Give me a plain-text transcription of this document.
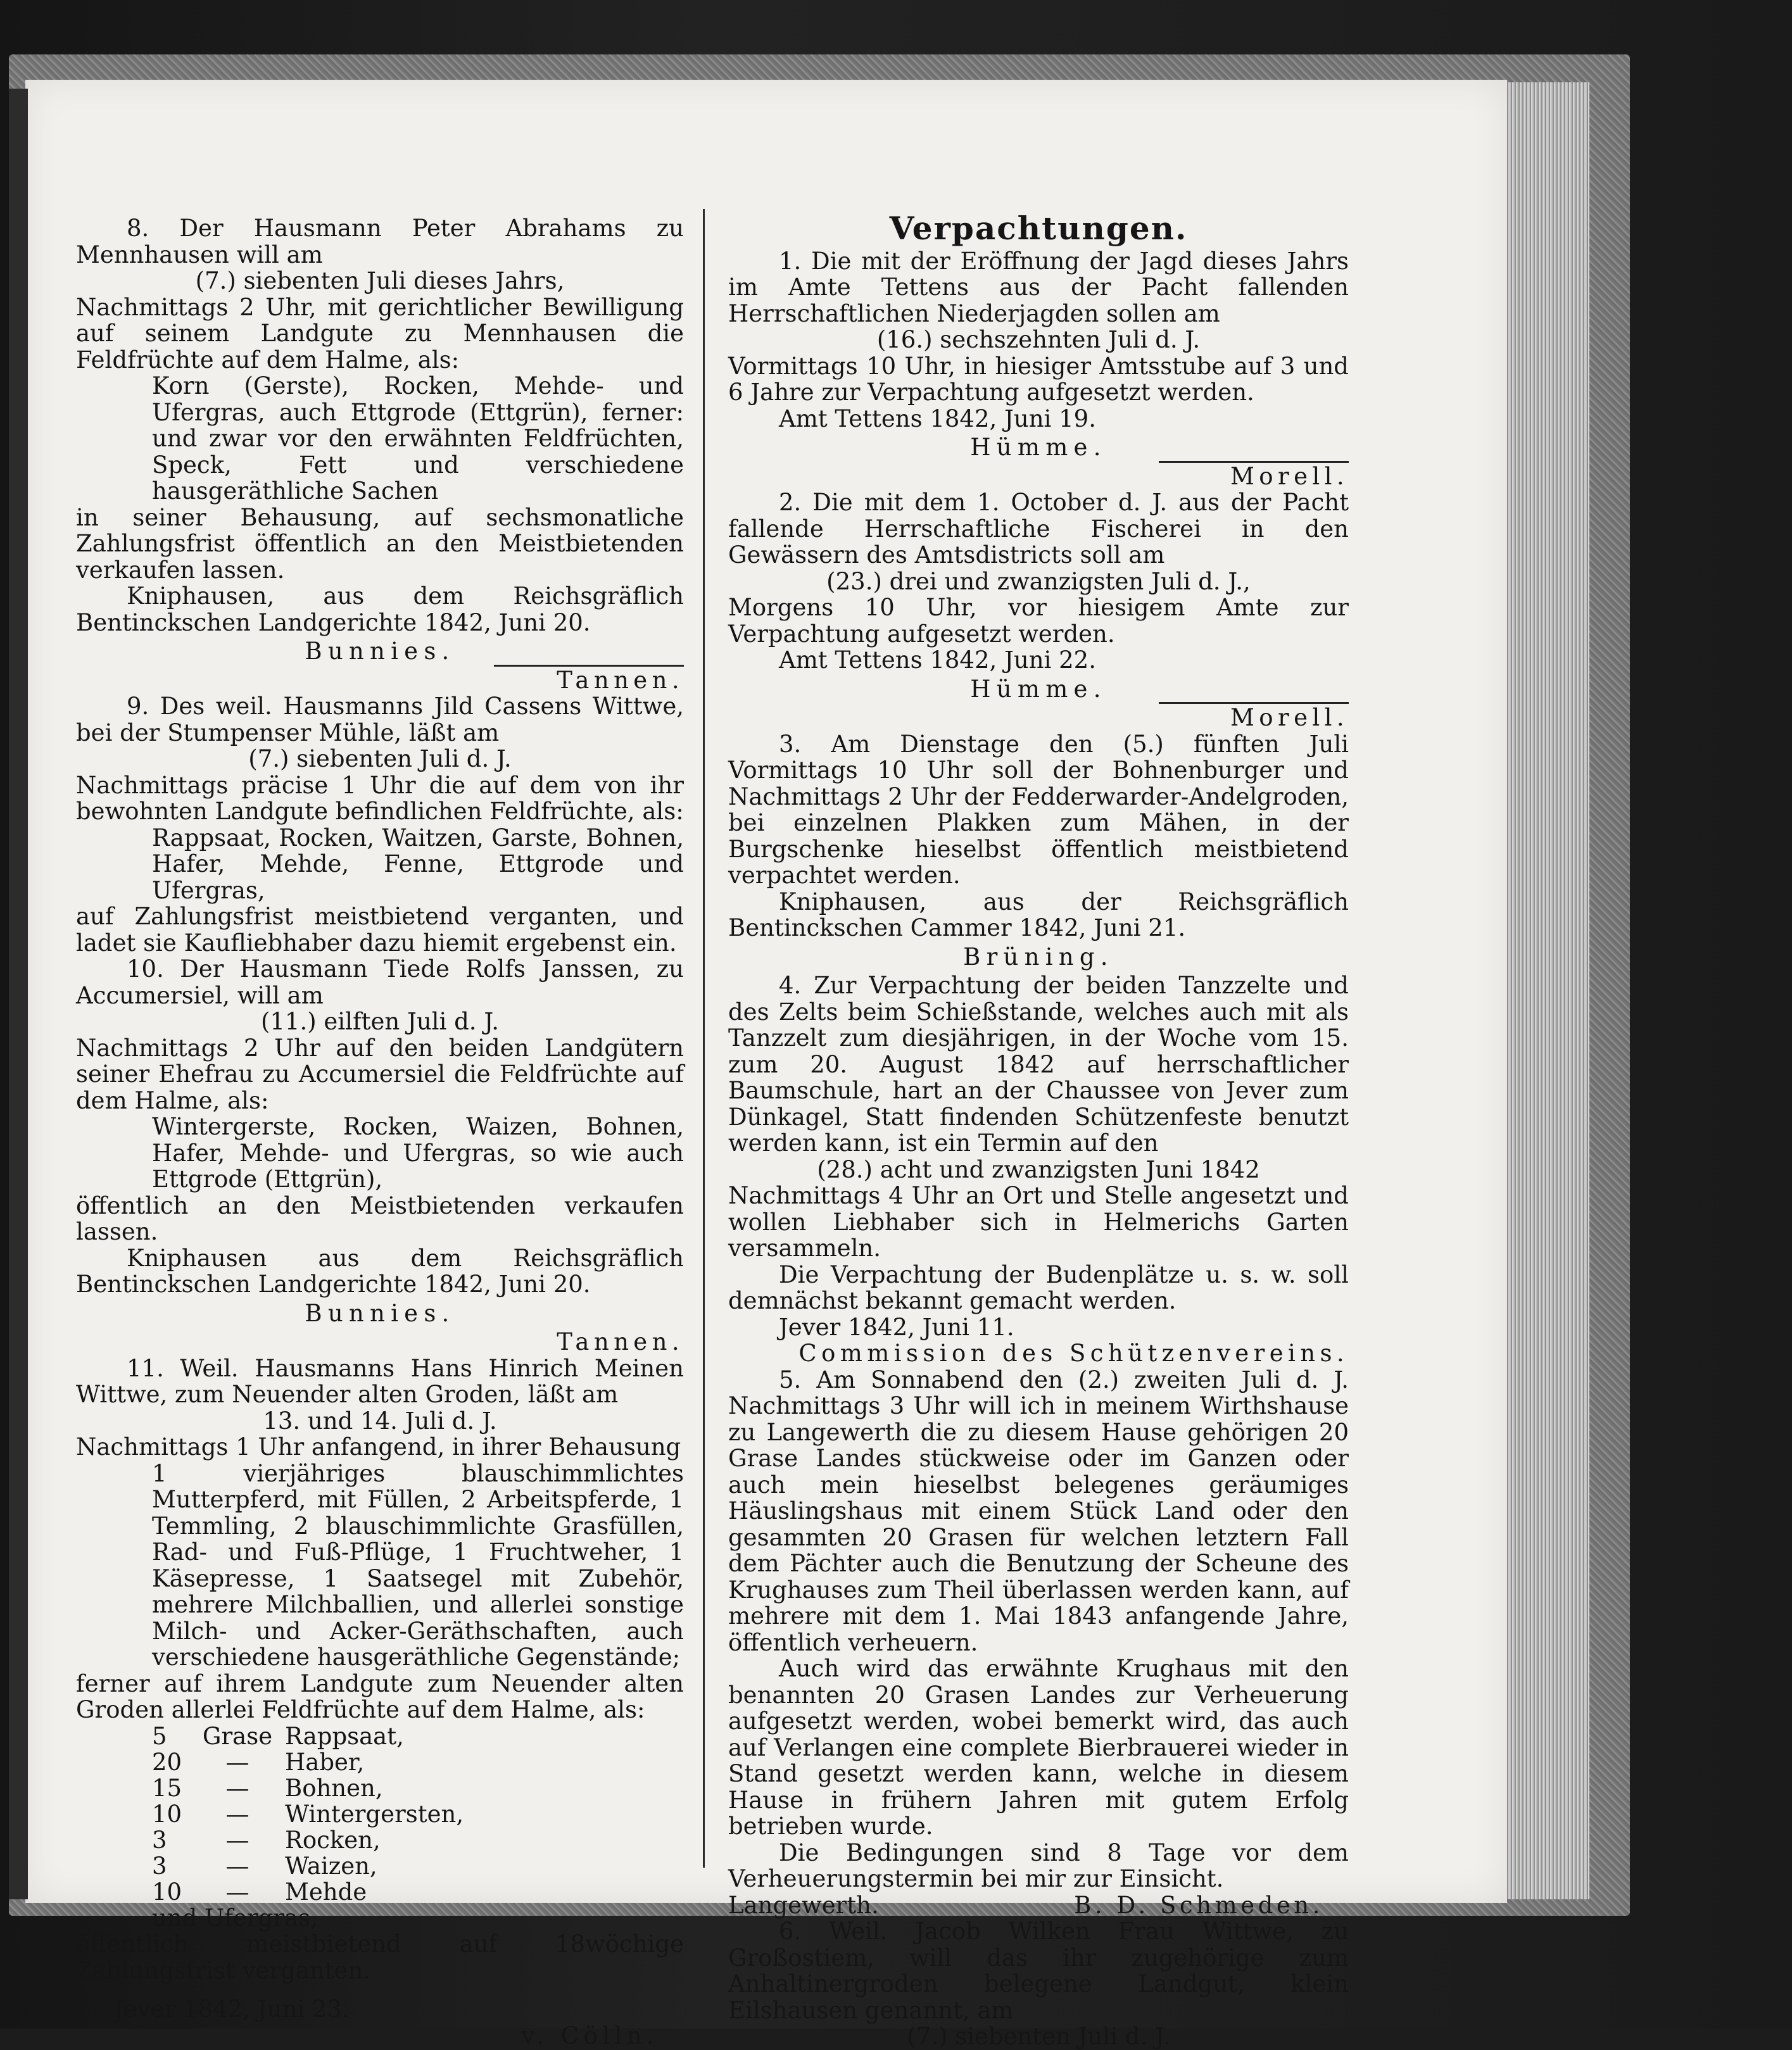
8. Der Hausmann Peter Abrahams zu Mennhausen will am

(7.) siebenten Juli dieses Jahrs,

Nachmittags 2 Uhr, mit gerichtlicher Bewilligung auf seinem Landgute zu Mennhausen die Feldfrüchte auf dem Halme, als:

Korn (Gerste), Rocken, Mehde- und Ufergras, auch Ettgrode (Ettgrün), ferner: und zwar vor den erwähnten Feldfrüchten, Speck, Fett und verschiedene hausgeräthliche Sachen

in seiner Behausung, auf sechsmonatliche Zahlungsfrist öffentlich an den Meistbietenden verkaufen lassen.

Kniphausen, aus dem Reichsgräflich Bentinckschen Landgerichte 1842, Juni 20.

Bunnies.

Tannen.

9. Des weil. Hausmanns Jild Cassens Wittwe, bei der Stumpenser Mühle, läßt am

(7.) siebenten Juli d. J.

Nachmittags präcise 1 Uhr die auf dem von ihr bewohnten Landgute befindlichen Feldfrüchte, als:

Rappsaat, Rocken, Waitzen, Garste, Bohnen, Hafer, Mehde, Fenne, Ettgrode und Ufergras,

auf Zahlungsfrist meistbietend verganten, und ladet sie Kaufliebhaber dazu hiemit ergebenst ein.

10. Der Hausmann Tiede Rolfs Janssen, zu Accumersiel, will am

(11.) eilften Juli d. J.

Nachmittags 2 Uhr auf den beiden Landgütern seiner Ehefrau zu Accumersiel die Feldfrüchte auf dem Halme, als:

Wintergerste, Rocken, Waizen, Bohnen, Hafer, Mehde- und Ufergras, so wie auch Ettgrode (Ettgrün),

öffentlich an den Meistbietenden verkaufen lassen.

Kniphausen aus dem Reichsgräflich Bentinckschen Landgerichte 1842, Juni 20.

Bunnies.

Tannen.

11. Weil. Hausmanns Hans Hinrich Meinen Wittwe, zum Neuender alten Groden, läßt am

13. und 14. Juli d. J.

Nachmittags 1 Uhr anfangend, in ihrer Behausung

1 vierjähriges blauschimmlichtes Mutterpferd, mit Füllen, 2 Arbeitspferde, 1 Temmling, 2 blauschimmlichte Grasfüllen, Rad- und Fuß-Pflüge, 1 Fruchtweher, 1 Käsepresse, 1 Saatsegel mit Zubehör, mehrere Milchballien, und allerlei sonstige Milch- und Acker-Geräthschaften, auch verschiedene hausgeräthliche Gegenstände;

ferner auf ihrem Landgute zum Neuender alten Groden allerlei Feldfrüchte auf dem Halme, als:

5	Grase	Rappsaat,
20	—	Haber,
15	—	Bohnen,
10	—	Wintergersten,
3	—	Rocken,
3	—	Waizen,
10	—	Mehde

und Ufergras,

öffentlich meistbietend auf 18wöchige Zahlungsfrist verganten.

Jever 1842, Juni 23.

v. Cölln.

Verpachtungen.

1. Die mit der Eröffnung der Jagd dieses Jahrs im Amte Tettens aus der Pacht fallenden Herrschaftlichen Niederjagden sollen am

(16.) sechszehnten Juli d. J.

Vormittags 10 Uhr, in hiesiger Amtsstube auf 3 und 6 Jahre zur Verpachtung aufgesetzt werden.

Amt Tettens 1842, Juni 19.

Hümme.

Morell.

2. Die mit dem 1. October d. J. aus der Pacht fallende Herrschaftliche Fischerei in den Gewässern des Amtsdistricts soll am

(23.) drei und zwanzigsten Juli d. J.,

Morgens 10 Uhr, vor hiesigem Amte zur Verpachtung aufgesetzt werden.

Amt Tettens 1842, Juni 22.

Hümme.

Morell.

3. Am Dienstage den (5.) fünften Juli Vormittags 10 Uhr soll der Bohnenburger und Nachmittags 2 Uhr der Fedderwarder-Andelgroden, bei einzelnen Plakken zum Mähen, in der Burgschenke hieselbst öffentlich meistbietend verpachtet werden.

Kniphausen, aus der Reichsgräflich Bentinckschen Cammer 1842, Juni 21.

Brüning.

4. Zur Verpachtung der beiden Tanzzelte und des Zelts beim Schießstande, welches auch mit als Tanzzelt zum diesjährigen, in der Woche vom 15. zum 20. August 1842 auf herrschaftlicher Baumschule, hart an der Chaussee von Jever zum Dünkagel, Statt findenden Schützenfeste benutzt werden kann, ist ein Termin auf den

(28.) acht und zwanzigsten Juni 1842

Nachmittags 4 Uhr an Ort und Stelle angesetzt und wollen Liebhaber sich in Helmerichs Garten versammeln.

Die Verpachtung der Budenplätze u. s. w. soll demnächst bekannt gemacht werden.

Jever 1842, Juni 11.

Commission des Schützenvereins.

5. Am Sonnabend den (2.) zweiten Juli d. J. Nachmittags 3 Uhr will ich in meinem Wirthshause zu Langewerth die zu diesem Hause gehörigen 20 Grase Landes stückweise oder im Ganzen oder auch mein hieselbst belegenes geräumiges Häuslingshaus mit einem Stück Land oder den gesammten 20 Grasen für welchen letztern Fall dem Pächter auch die Benutzung der Scheune des Krughauses zum Theil überlassen werden kann, auf mehrere mit dem 1. Mai 1843 anfangende Jahre, öffentlich verheuern.

Auch wird das erwähnte Krughaus mit den benannten 20 Grasen Landes zur Verheuerung aufgesetzt werden, wobei bemerkt wird, das auch auf Verlangen eine complete Bierbrauerei wieder in Stand gesetzt werden kann, welche in diesem Hause in frühern Jahren mit gutem Erfolg betrieben wurde.

Die Bedingungen sind 8 Tage vor dem Verheuerungstermin bei mir zur Einsicht.

Langewerth.	B. D. Schmeden.

6. Weil. Jacob Wilken Frau Wittwe, zu Großostiem, will das ihr zugehörige zum Anhaltinergroden belegene Landgut, klein Eilshausen genannt, am

(7.) siebenten Juli d. J.
